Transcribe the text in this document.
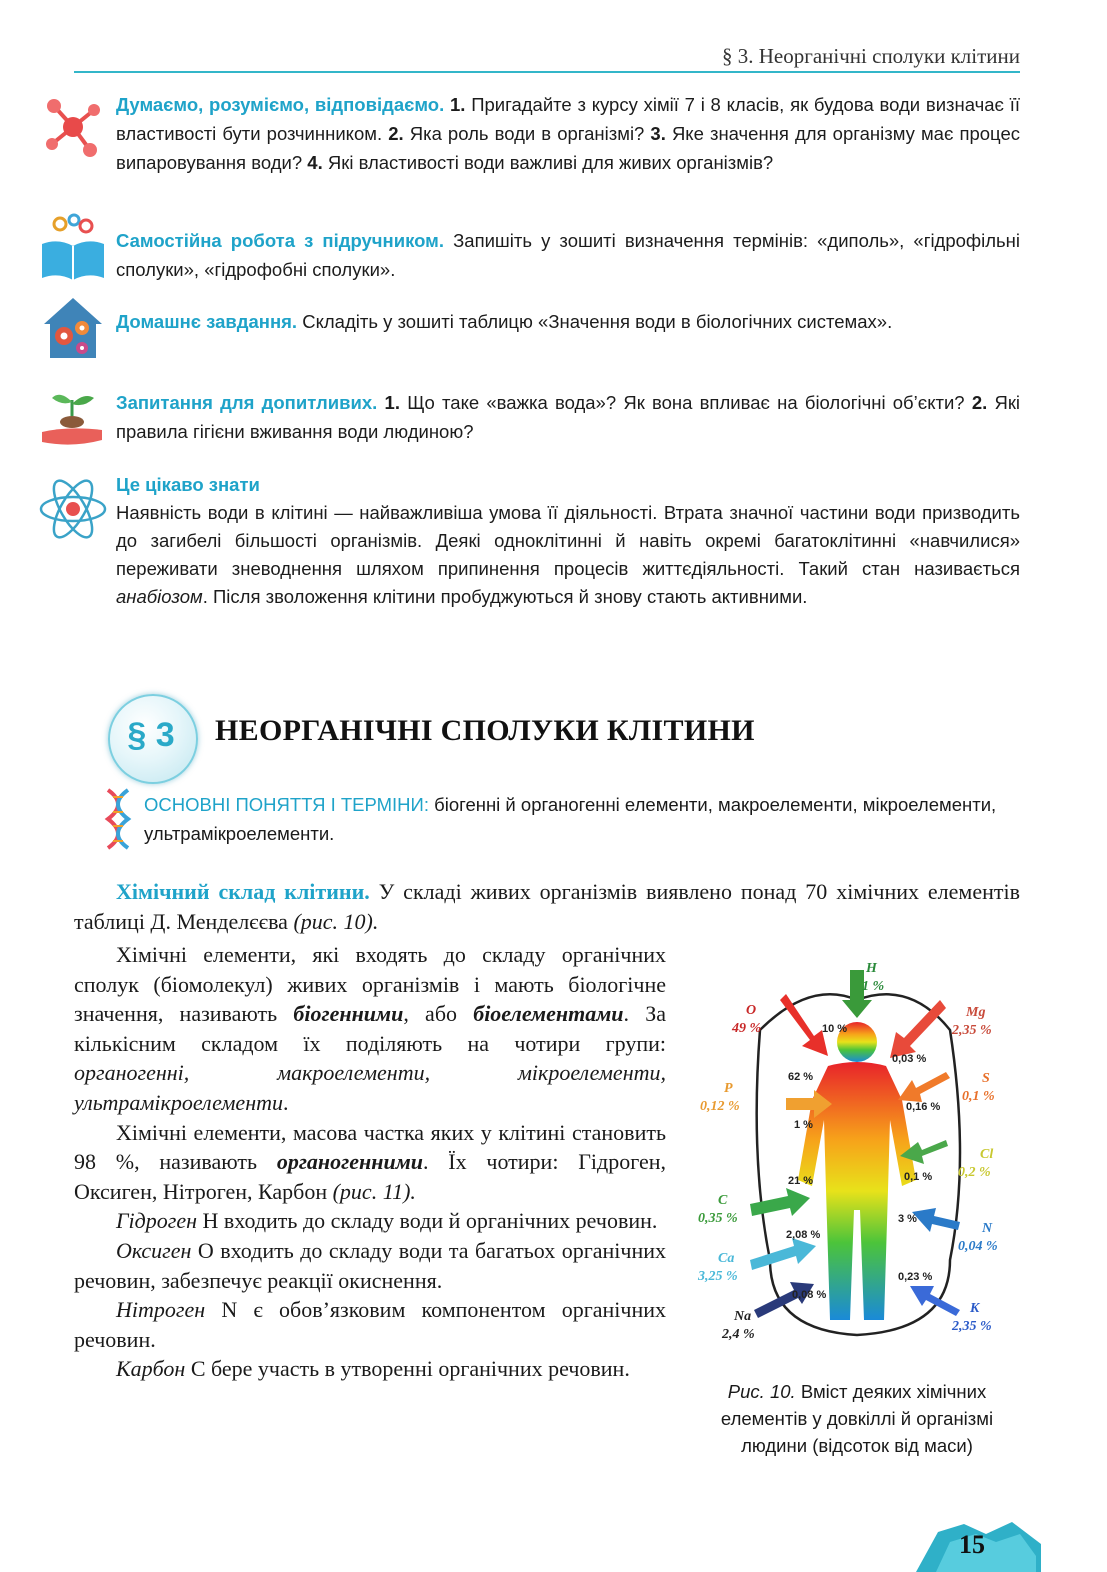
§ 3. Неорганічні сполуки клітини
Думаємо, розуміємо, відповідаємо. 1. Пригадайте з курсу хімії 7 і 8 класів, як будова води визначає її властивості бути розчинником. 2. Яка роль води в організмі? 3. Яке значення для організму має процес випаровування води? 4. Які властивості води важливі для живих організмів?
Самостійна робота з підручником. Запишіть у зошиті визначення термінів: «диполь», «гідрофільні сполуки», «гідрофобні сполуки».
Домашнє завдання. Складіть у зошиті таблицю «Значення води в біологічних системах».
Запитання для допитливих. 1. Що таке «важка вода»? Як вона впливає на біологічні об’єкти? 2. Які правила гігієни вживання води людиною?
Це цікаво знати
Наявність води в клітині — найважливіша умова її діяльності. Втрата значної частини води призводить до загибелі більшості організмів. Деякі одноклітинні й навіть окремі багатоклітинні «навчилися» переживати зневоднення шляхом припинення процесів життєдіяльності. Такий стан називається анабіозом. Після зволоження клітини пробуджуються й знову стають активними.
§ 3	НЕОРГАНІЧНІ СПОЛУКИ КЛІТИНИ
ОСНОВНІ ПОНЯТТЯ І ТЕРМІНИ: біогенні й органогенні елементи, макроелементи, мікроелементи, ультрамікроелементи.
Хімічний склад клітини. У складі живих організмів виявлено понад 70 хімічних елементів таблиці Д. Менделєєва (рис. 10).

Хімічні елементи, які входять до складу органічних сполук (біомолекул) живих організмів і мають біологічне значення, називають біогенними, або біоелементами. За кількісним складом їх поділяють на чотири групи: органогенні, макроелементи, мікроелементи, ультрамікроелементи.

Хімічні елементи, масова частка яких у клітині становить 98 %, називають органогенними. Їх чотири: Гідроген, Оксиген, Нітроген, Карбон (рис. 11).

Гідроген H входить до складу води й органічних речовин.

Оксиген O входить до складу води та багатьох органічних речовин, забезпечує реакції окиснення.

Нітроген N є обов’язковим компонентом органічних речовин.

Карбон C бере участь в утворенні органічних речовин.

H
1 %
O
49 %
Mg
2,35 %
P
0,12 %
S
0,1 %
Cl
0,2 %
C
0,35 %
N
0,04 %
Ca
3,25 %
Na
2,4 %
K
2,35 %
10 %
62 %
0,03 %
0,16 %
1 %
0,1 %
21 %
3 %
2,08 %
0,23 %
0,08 %
Рис. 10. Вміст деяких хімічних елементів у довкіллі й організмі людини (відсоток від маси)
15
